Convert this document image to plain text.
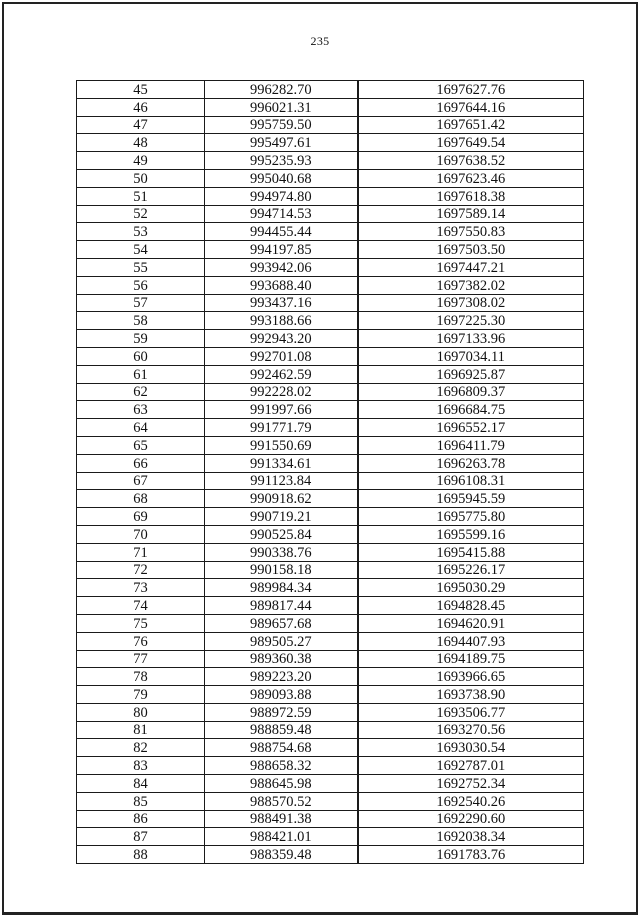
235
45	996282.70	1697627.76
46	996021.31	1697644.16
47	995759.50	1697651.42
48	995497.61	1697649.54
49	995235.93	1697638.52
50	995040.68	1697623.46
51	994974.80	1697618.38
52	994714.53	1697589.14
53	994455.44	1697550.83
54	994197.85	1697503.50
55	993942.06	1697447.21
56	993688.40	1697382.02
57	993437.16	1697308.02
58	993188.66	1697225.30
59	992943.20	1697133.96
60	992701.08	1697034.11
61	992462.59	1696925.87
62	992228.02	1696809.37
63	991997.66	1696684.75
64	991771.79	1696552.17
65	991550.69	1696411.79
66	991334.61	1696263.78
67	991123.84	1696108.31
68	990918.62	1695945.59
69	990719.21	1695775.80
70	990525.84	1695599.16
71	990338.76	1695415.88
72	990158.18	1695226.17
73	989984.34	1695030.29
74	989817.44	1694828.45
75	989657.68	1694620.91
76	989505.27	1694407.93
77	989360.38	1694189.75
78	989223.20	1693966.65
79	989093.88	1693738.90
80	988972.59	1693506.77
81	988859.48	1693270.56
82	988754.68	1693030.54
83	988658.32	1692787.01
84	988645.98	1692752.34
85	988570.52	1692540.26
86	988491.38	1692290.60
87	988421.01	1692038.34
88	988359.48	1691783.76
